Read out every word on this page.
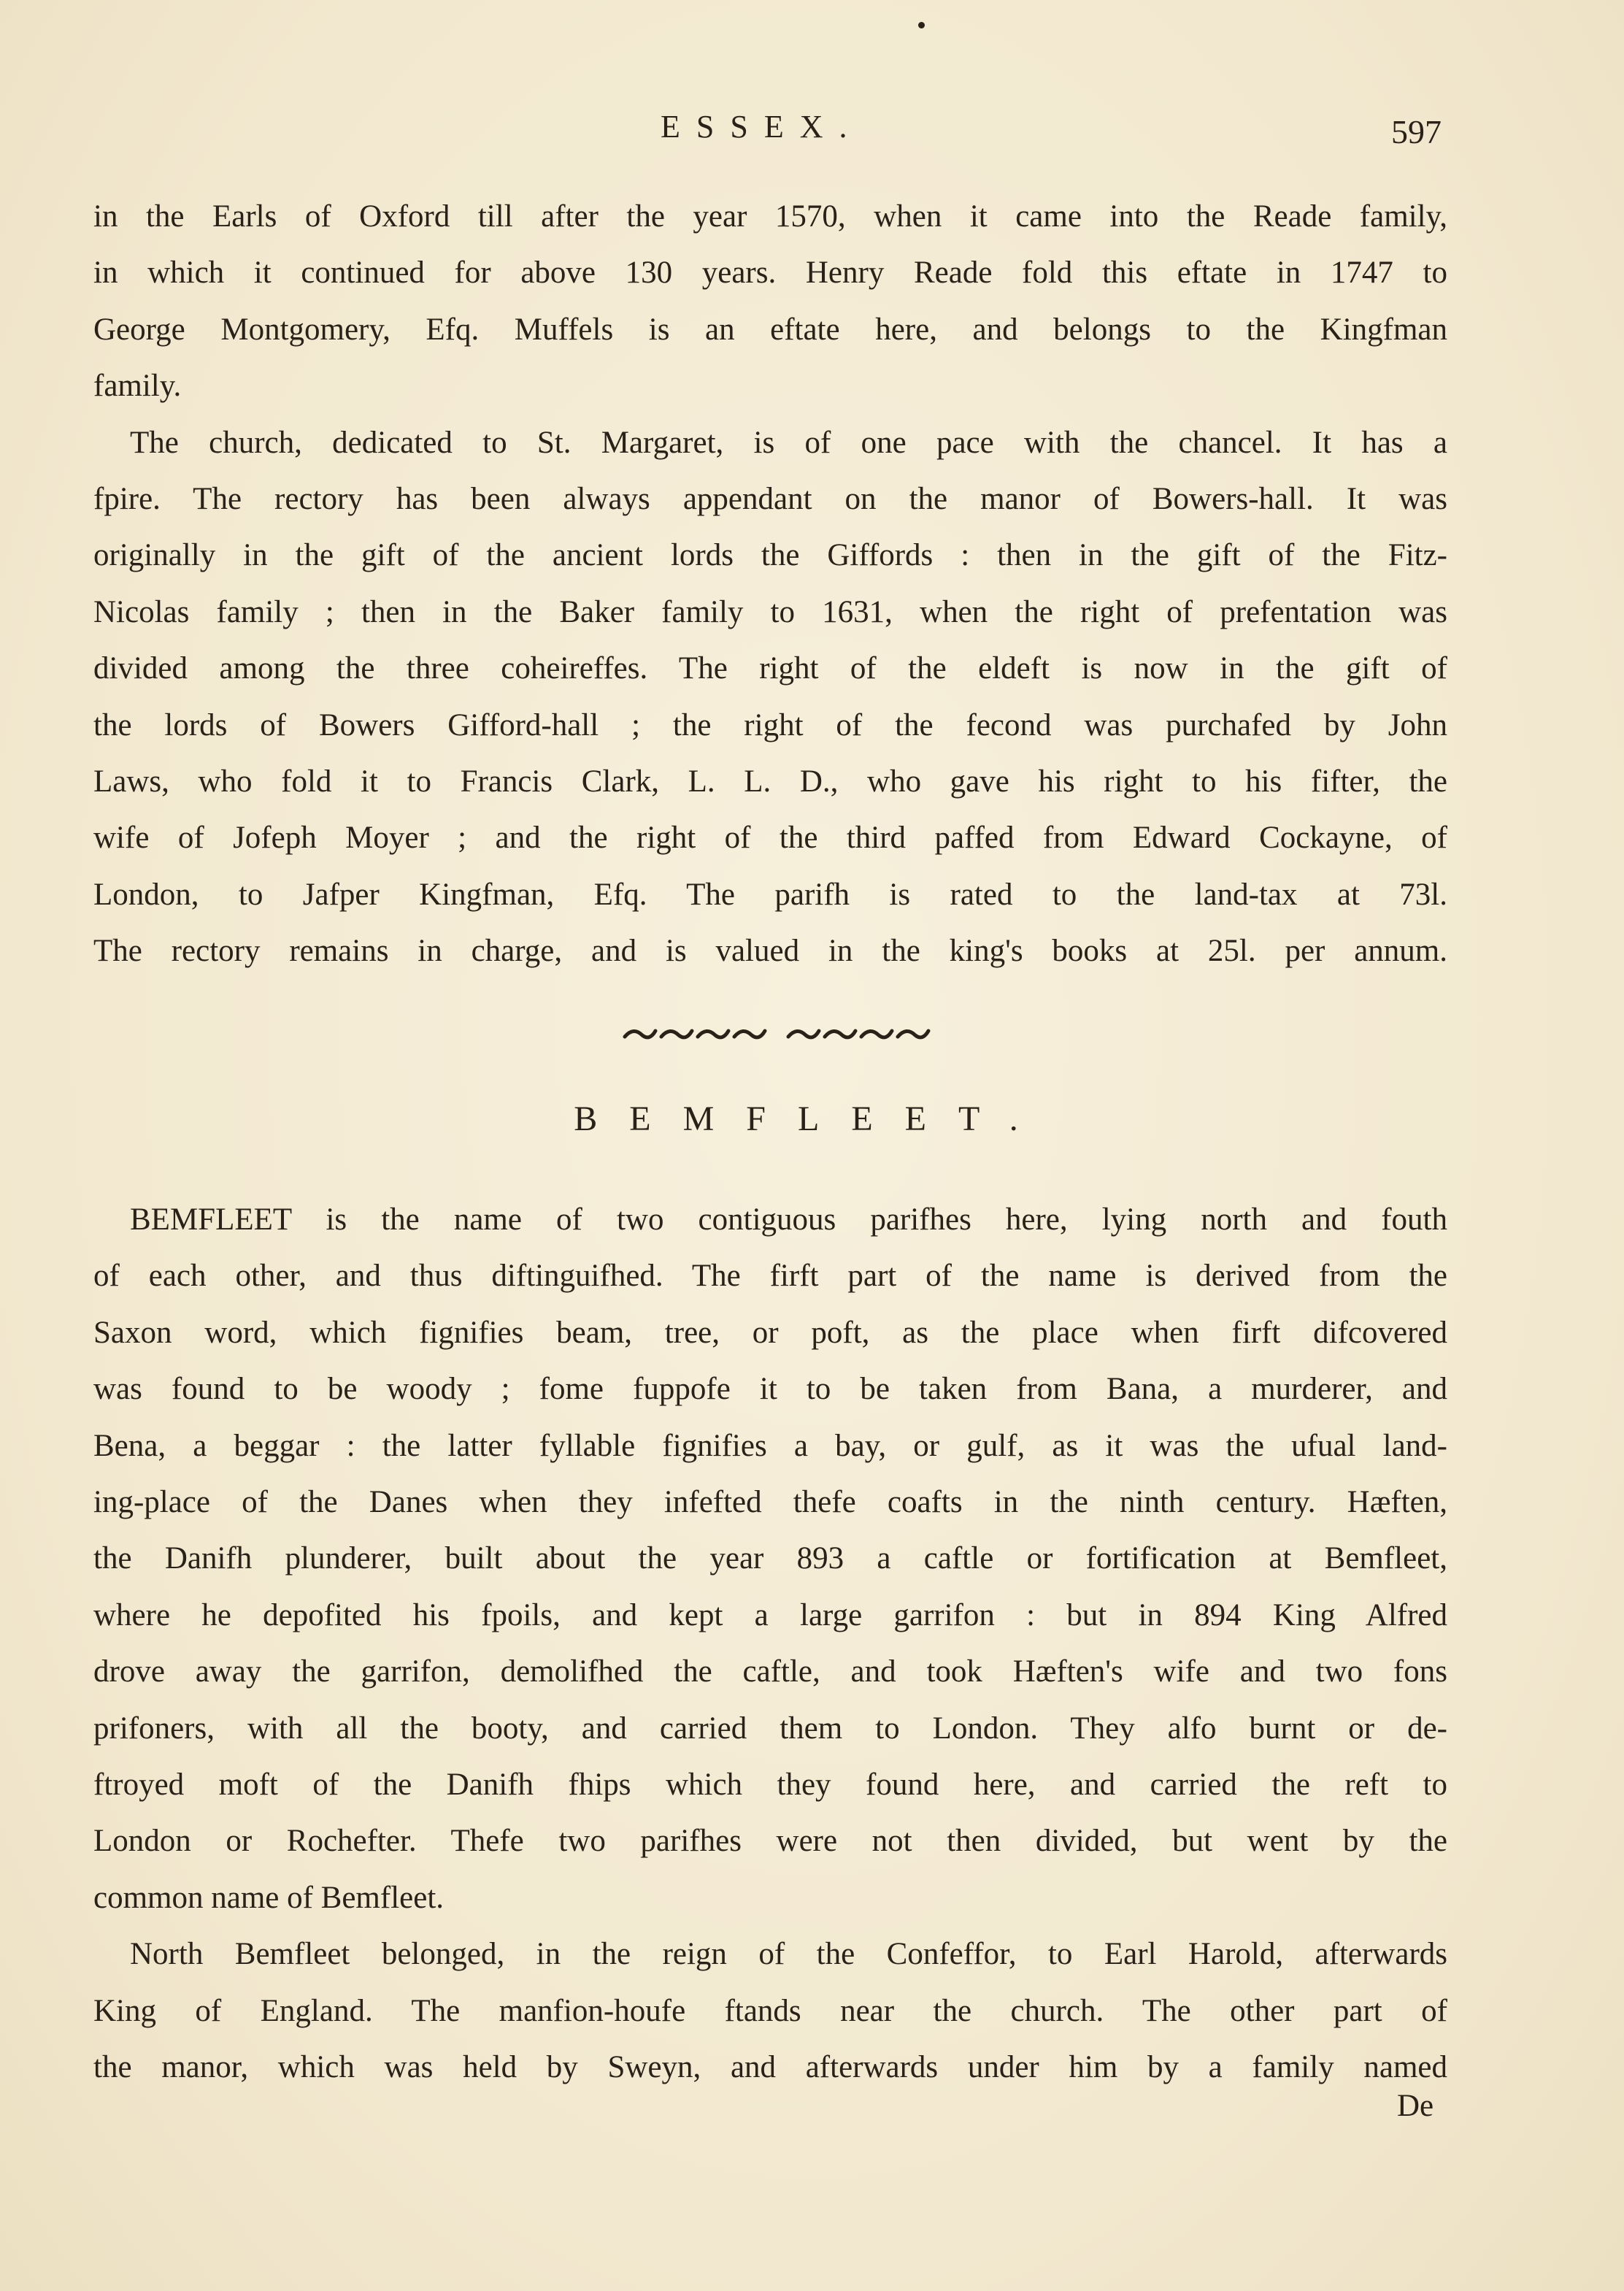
ESSEX.	597
in the Earls of Oxford till after the year 1570, when it came into the Reade family,
in which it continued for above 130 years. Henry Reade fold this eftate in 1747 to
George Montgomery, Efq. Muffels is an eftate here, and belongs to the Kingfman
family.
The church, dedicated to St. Margaret, is of one pace with the chancel. It has a
fpire. The rectory has been always appendant on the manor of Bowers-hall. It was
originally in the gift of the ancient lords the Giffords : then in the gift of the Fitz-
Nicolas family ; then in the Baker family to 1631, when the right of prefentation was
divided among the three coheireffes. The right of the eldeft is now in the gift of
the lords of Bowers Gifford-hall ; the right of the fecond was purchafed by John
Laws, who fold it to Francis Clark, L. L. D., who gave his right to his fifter, the
wife of Jofeph Moyer ; and the right of the third paffed from Edward Cockayne, of
London, to Jafper Kingfman, Efq. The parifh is rated to the land-tax at 73l.
The rectory remains in charge, and is valued in the king's books at 25l. per annum.
BEMFLEET.
BEMFLEET is the name of two contiguous parifhes here, lying north and fouth
of each other, and thus diftinguifhed. The firft part of the name is derived from the
Saxon word, which fignifies beam, tree, or poft, as the place when firft difcovered
was found to be woody ; fome fuppofe it to be taken from Bana, a murderer, and
Bena, a beggar : the latter fyllable fignifies a bay, or gulf, as it was the ufual land-
ing-place of the Danes when they infefted thefe coafts in the ninth century. Hæften,
the Danifh plunderer, built about the year 893 a caftle or fortification at Bemfleet,
where he depofited his fpoils, and kept a large garrifon : but in 894 King Alfred
drove away the garrifon, demolifhed the caftle, and took Hæften's wife and two fons
prifoners, with all the booty, and carried them to London. They alfo burnt or de-
ftroyed moft of the Danifh fhips which they found here, and carried the reft to
London or Rochefter. Thefe two parifhes were not then divided, but went by the
common name of Bemfleet.
North Bemfleet belonged, in the reign of the Confeffor, to Earl Harold, afterwards
King of England. The manfion-houfe ftands near the church. The other part of
the manor, which was held by Sweyn, and afterwards under him by a family named
De
